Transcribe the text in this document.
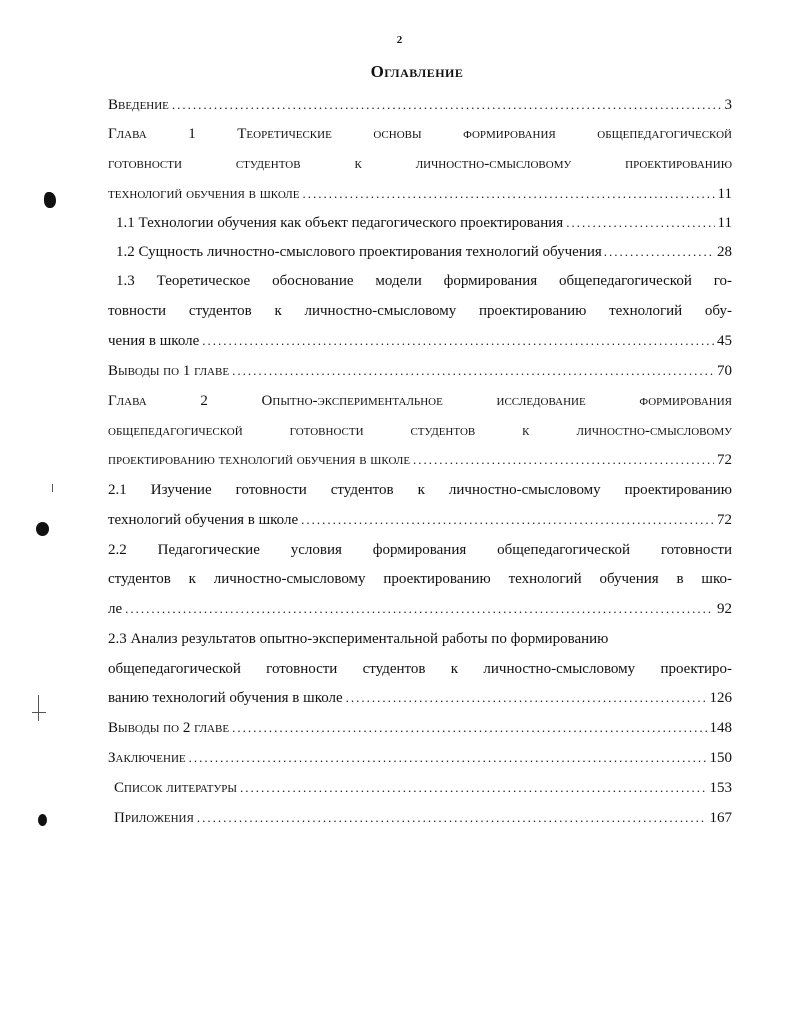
2
Оглавление
Введение .....	3
Глава 1 Теоретические основы формирования общепедагогической
готовности студентов к личностно-смысловому проектированию
технологий обучения в школе .....	11
1.1 Технологии обучения как объект педагогического проектирования .....	11
1.2 Сущность личностно-смыслового проектирования технологий обучения .....	28
1.3 Теоретическое обоснование модели формирования общепедагогической го-
товности студентов к личностно-смысловому проектированию технологий обу-
чения в школе .....	45
Выводы по 1 главе .....	70
Глава 2 Опытно-экспериментальное исследование формирования
общепедагогической готовности студентов к личностно-смысловому
проектированию технологий обучения в школе .....	72
2.1 Изучение готовности студентов к личностно-смысловому проектированию
технологий обучения в школе .....	72
2.2 Педагогические условия формирования общепедагогической готовности
студентов к личностно-смысловому проектированию технологий обучения в шко-
ле .....	92
2.3 Анализ результатов опытно-экспериментальной работы по формированию
общепедагогической готовности студентов к личностно-смысловому проектиро-
ванию технологий обучения в школе .....	126
Выводы по 2 главе .....	148
Заключение .....	150
Список литературы .....	153
Приложения .....	167
